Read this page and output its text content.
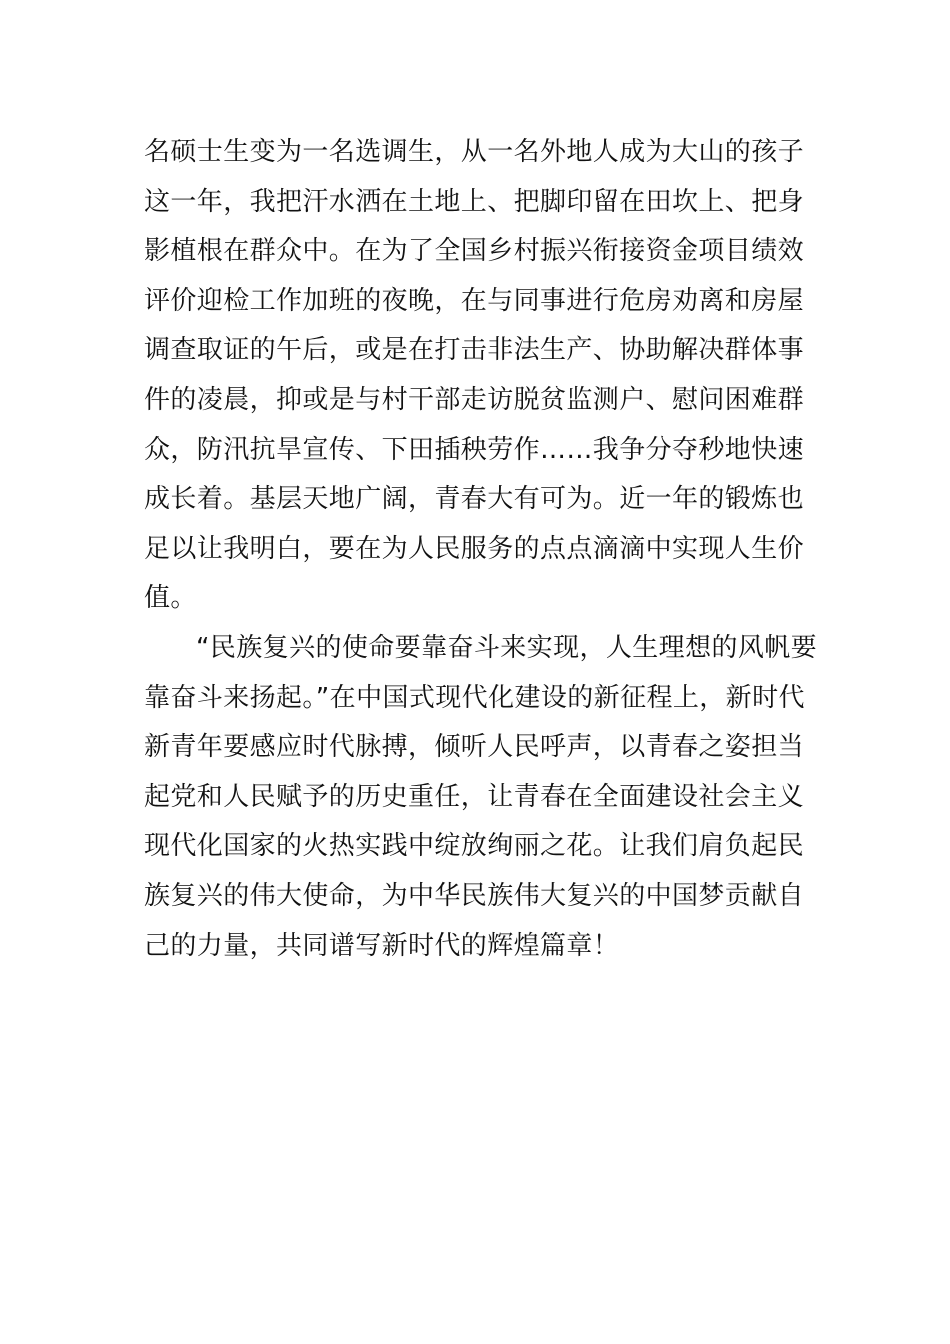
名硕士生变为一名选调生，从一名外地人成为大山的孩子
这一年，我把汗水洒在土地上、把脚印留在田坎上、把身
影植根在群众中。在为了全国乡村振兴衔接资金项目绩效
评价迎检工作加班的夜晚，在与同事进行危房劝离和房屋
调查取证的午后，或是在打击非法生产、协助解决群体事
件的凌晨，抑或是与村干部走访脱贫监测户、慰问困难群
众，防汛抗旱宣传、下田插秧劳作……我争分夺秒地快速
成长着。基层天地广阔，青春大有可为。近一年的锻炼也
足以让我明白，要在为人民服务的点点滴滴中实现人生价
值。
“民族复兴的使命要靠奋斗来实现，人生理想的风帆要
靠奋斗来扬起。”在中国式现代化建设的新征程上，新时代
新青年要感应时代脉搏，倾听人民呼声，以青春之姿担当
起党和人民赋予的历史重任，让青春在全面建设社会主义
现代化国家的火热实践中绽放绚丽之花。让我们肩负起民
族复兴的伟大使命，为中华民族伟大复兴的中国梦贡献自
己的力量，共同谱写新时代的辉煌篇章！
